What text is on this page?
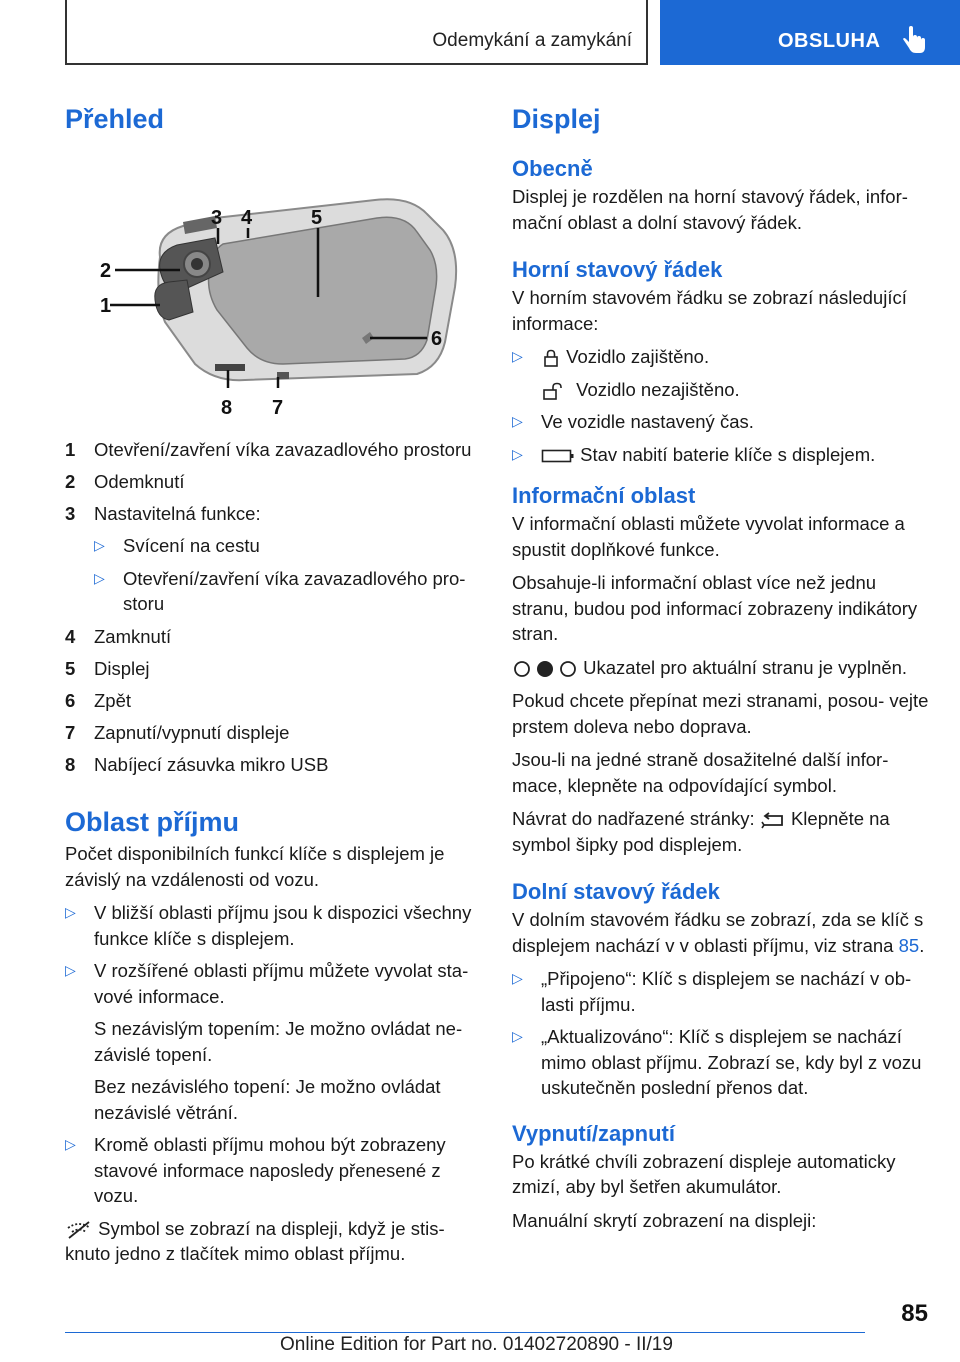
Odemykání a zamykání	OBSLUHA
Přehled
1
2
3 4	5
6
7
8
1	Otevření/zavření víka zavazadlového prostoru
2	Odemknutí
3	Nastavitelná funkce:
▷ Svícení na cestu
▷ Otevření/zavření víka zavazadlového pro- storu
4	Zamknutí
5	Displej
6	Zpět
7	Zapnutí/vypnutí displeje
8	Nabíjecí zásuvka mikro USB
Oblast příjmu

Počet disponibilních funkcí klíče s displejem je závislý na vzdálenosti od vozu.

▷ V bližší oblasti příjmu jsou k dispozici všechny funkce klíče s displejem.
▷ V rozšířené oblasti příjmu můžete vyvolat sta- vové informace.

S nezávislým topením: Je možno ovládat ne- závislé topení.

Bez nezávislého topení: Je možno ovládat nezávislé větrání.

▷ Kromě oblasti příjmu mohou být zobrazeny stavové informace naposledy přenesené z vozu.

Symbol se zobrazí na displeji, když je stis- knuto jedno z tlačítek mimo oblast příjmu.

Displej
Obecně

Displej je rozdělen na horní stavový řádek, infor- mační oblast a dolní stavový řádek.

Horní stavový řádek

V horním stavovém řádku se zobrazí následující informace:

▷	Vozidlo zajištěno.

Vozidlo nezajištěno.

▷ Ve vozidle nastavený čas.
▷	Stav nabití baterie klíče s displejem.
Informační oblast

V informační oblasti můžete vyvolat informace a spustit doplňkové funkce.

Obsahuje-li informační oblast více než jednu stranu, budou pod informací zobrazeny indikátory stran.

Ukazatel pro aktuální stranu je vyplněn.

Pokud chcete přepínat mezi stranami, posou- vejte prstem doleva nebo doprava.

Jsou-li na jedné straně dosažitelné další infor- mace, klepněte na odpovídající symbol.

Návrat do nadřazené stránky: Klepněte na symbol šipky pod displejem.

Dolní stavový řádek

V dolním stavovém řádku se zobrazí, zda se klíč s displejem nachází v v oblasti příjmu, viz strana 85.

▷ „Připojeno“: Klíč s displejem se nachází v ob- lasti příjmu.
▷ „Aktualizováno“: Klíč s displejem se nachází mimo oblast příjmu. Zobrazí se, kdy byl z vozu uskutečněn poslední přenos dat.
Vypnutí/zapnutí

Po krátké chvíli zobrazení displeje automaticky zmizí, aby byl šetřen akumulátor.

Manuální skrytí zobrazení na displeji:

85
Online Edition for Part no. 01402720890 - II/19
